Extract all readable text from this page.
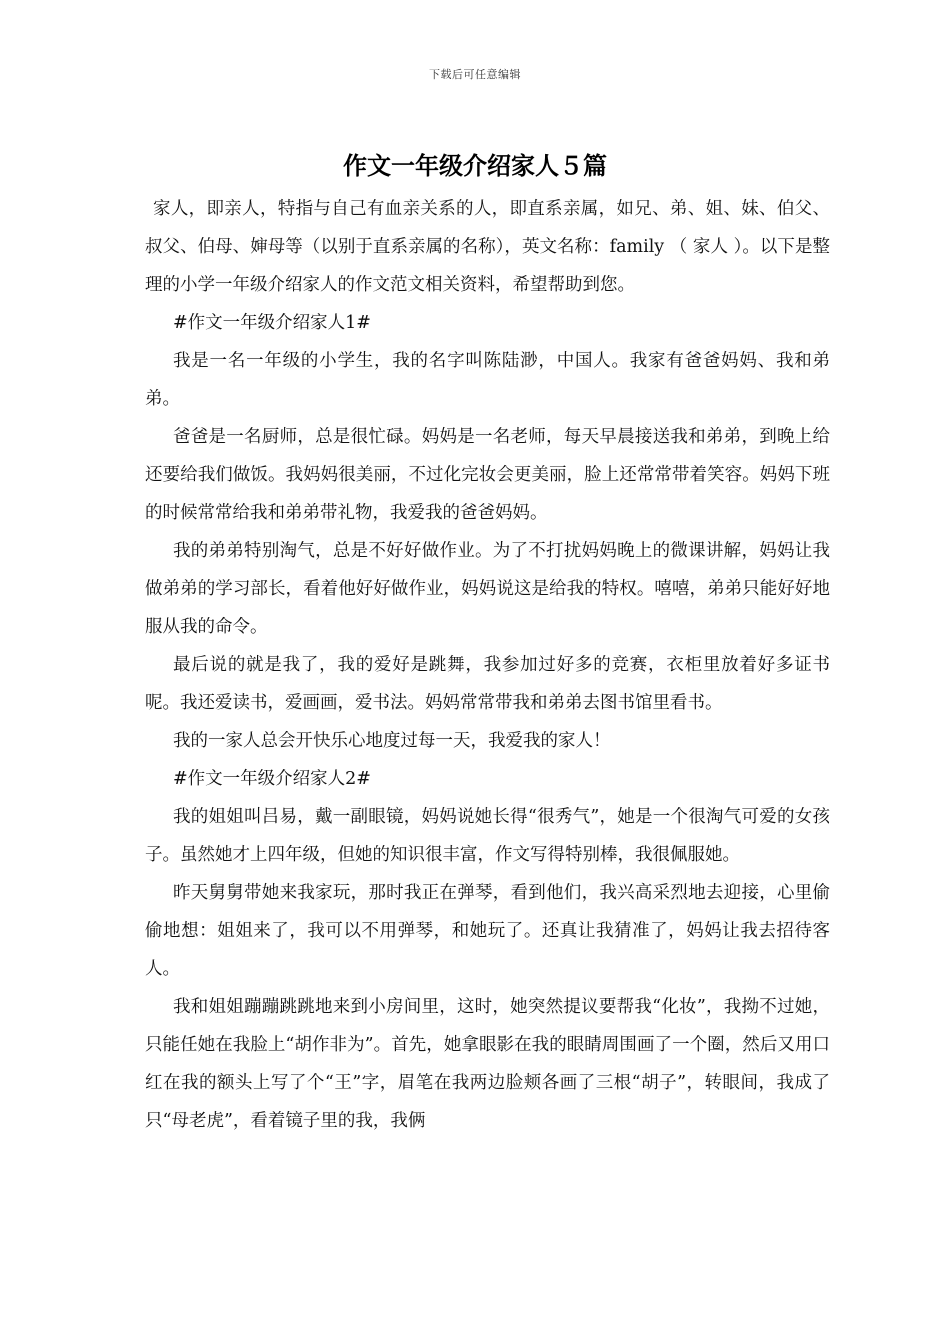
下载后可任意编辑
作文一年级介绍家人５篇

家人，即亲人，特指与自己有血亲关系的人，即直系亲属，如兄、弟、姐、妹、伯父、叔父、伯母、婶母等（以别于直系亲属的名称），英文名称：family （ 家人 ）。以下是整理的小学一年级介绍家人的作文范文相关资料，希望帮助到您。

#作文一年级介绍家人1#

我是一名一年级的小学生，我的名字叫陈陆渺，中国人。我家有爸爸妈妈、我和弟弟。

爸爸是一名厨师，总是很忙碌。妈妈是一名老师，每天早晨接送我和弟弟，到晚上给还要给我们做饭。我妈妈很美丽，不过化完妆会更美丽，脸上还常常带着笑容。妈妈下班的时候常常给我和弟弟带礼物，我爱我的爸爸妈妈。

我的弟弟特别淘气，总是不好好做作业。为了不打扰妈妈晚上的微课讲解，妈妈让我做弟弟的学习部长，看着他好好做作业，妈妈说这是给我的特权。嘻嘻，弟弟只能好好地服从我的命令。

最后说的就是我了，我的爱好是跳舞，我参加过好多的竞赛，衣柜里放着好多证书呢。我还爱读书，爱画画，爱书法。妈妈常常带我和弟弟去图书馆里看书。

我的一家人总会开快乐心地度过每一天，我爱我的家人！

#作文一年级介绍家人2#

我的姐姐叫吕易，戴一副眼镜，妈妈说她长得“很秀气”，她是一个很淘气可爱的女孩子。虽然她才上四年级，但她的知识很丰富，作文写得特别棒，我很佩服她。

昨天舅舅带她来我家玩，那时我正在弹琴，看到他们，我兴高采烈地去迎接，心里偷偷地想：姐姐来了，我可以不用弹琴，和她玩了。还真让我猜准了，妈妈让我去招待客人。

我和姐姐蹦蹦跳跳地来到小房间里，这时，她突然提议要帮我“化妆”，我拗不过她，只能任她在我脸上“胡作非为”。首先，她拿眼影在我的眼睛周围画了一个圈，然后又用口红在我的额头上写了个“王”字，眉笔在我两边脸颊各画了三根“胡子”，转眼间，我成了只“母老虎”，看着镜子里的我，我俩
